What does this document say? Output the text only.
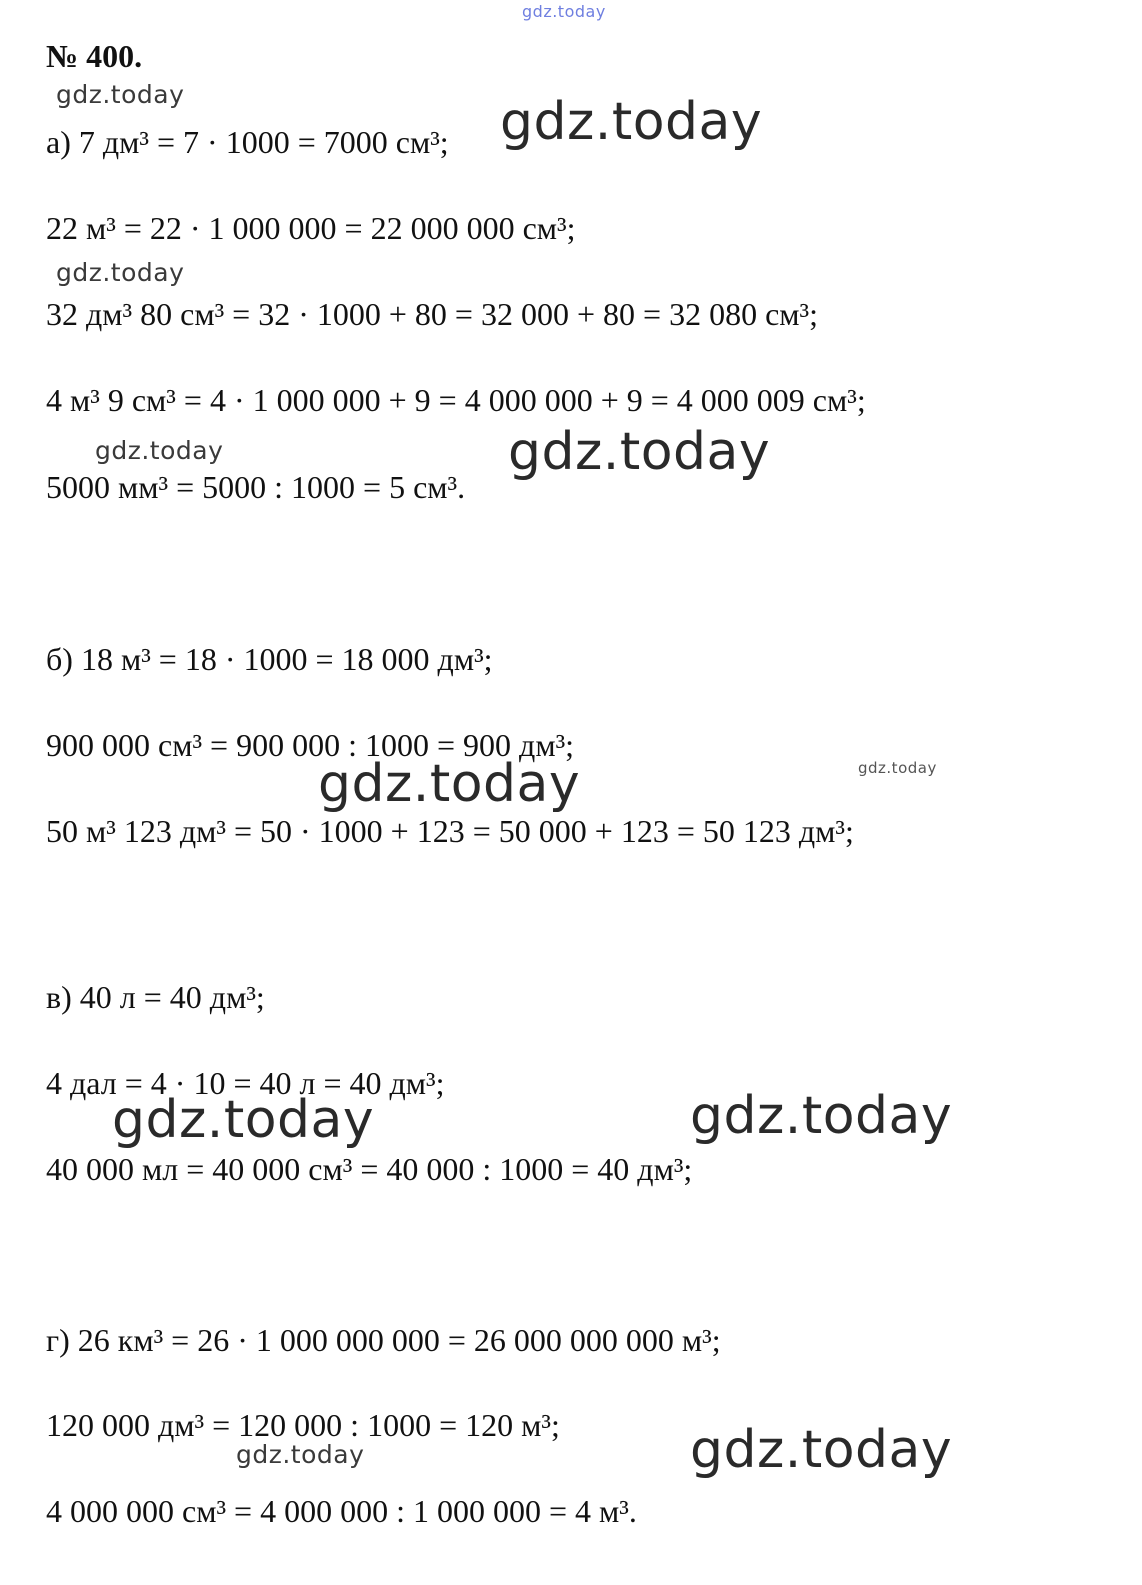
gdz.today
gdz.today	gdz.today
gdz.today
gdz.today	gdz.today
gdz.today
gdz.today
gdz.today	gdz.today
gdz.today	gdz.today
№ 400.
а) 7 дм³ = 7 · 1000 = 7000 см³;
22 м³ = 22 · 1 000 000 = 22 000 000 см³;
32 дм³ 80 см³ = 32 · 1000 + 80 = 32 000 + 80 = 32 080 см³;
4 м³ 9 см³ = 4 · 1 000 000 + 9 = 4 000 000 + 9 = 4 000 009 см³;
5000 мм³ = 5000 : 1000 = 5 см³.
б) 18 м³ = 18 · 1000 = 18 000 дм³;
900 000 см³ = 900 000 : 1000 = 900 дм³;
50 м³ 123 дм³ = 50 · 1000 + 123 = 50 000 + 123 = 50 123 дм³;
в) 40 л = 40 дм³;
4 дал = 4 · 10 = 40 л = 40 дм³;
40 000 мл = 40 000 см³ = 40 000 : 1000 = 40 дм³;
г) 26 км³ = 26 · 1 000 000 000 = 26 000 000 000 м³;
120 000 дм³ = 120 000 : 1000 = 120 м³;
4 000 000 см³ = 4 000 000 : 1 000 000 = 4 м³.
